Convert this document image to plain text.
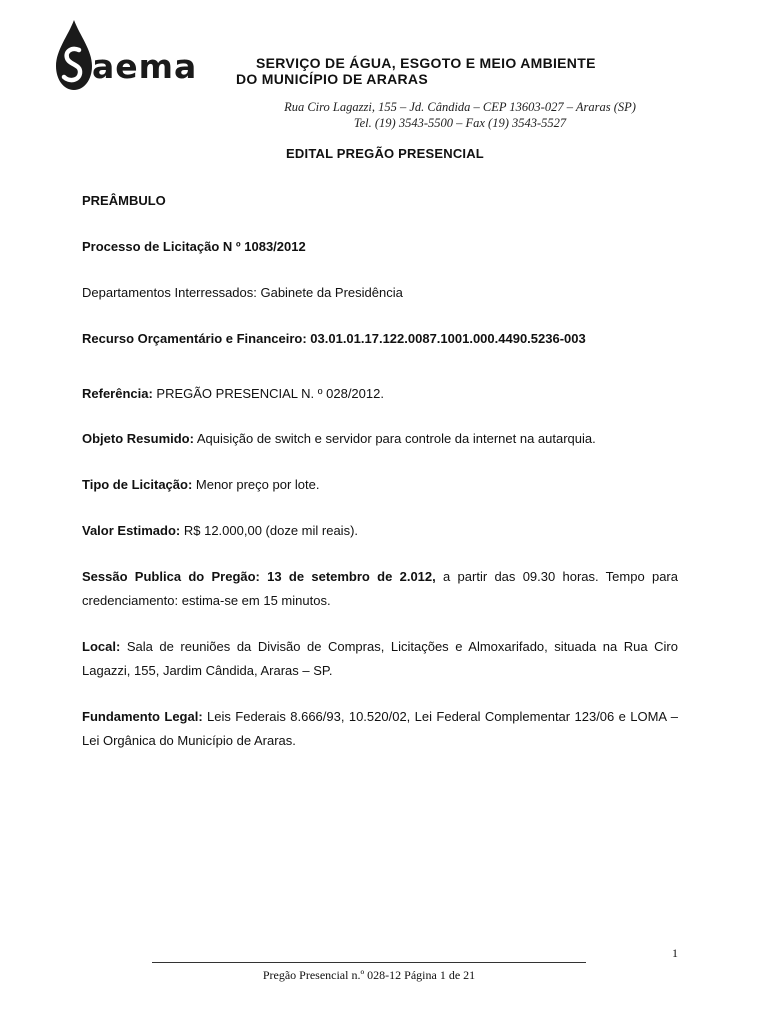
aema	SERVIÇO DE ÁGUA, ESGOTO E MEIO AMBIENTE
DO MUNICÍPIO DE ARARAS
Rua Ciro Lagazzi, 155 – Jd. Cândida – CEP 13603-027 – Araras (SP)
Tel. (19) 3543-5500 – Fax (19) 3543-5527
EDITAL PREGÃO PRESENCIAL
PREÂMBULO
Processo de Licitação N º 1083/2012
Departamentos Interressados: Gabinete da Presidência
Recurso Orçamentário e Financeiro: 03.01.01.17.122.0087.1001.000.4490.5236-003
Referência: PREGÃO PRESENCIAL N. º 028/2012.
Objeto Resumido: Aquisição de switch e servidor para controle da internet na autarquia.
Tipo de Licitação: Menor preço por lote.
Valor Estimado: R$ 12.000,00 (doze mil reais).
Sessão Publica do Pregão: 13 de setembro de 2.012, a partir das 09.30 horas. Tempo para credenciamento: estima-se em 15 minutos.
Local: Sala de reuniões da Divisão de Compras, Licitações e Almoxarifado, situada na Rua Ciro Lagazzi, 155, Jardim Cândida, Araras – SP.
Fundamento Legal: Leis Federais 8.666/93, 10.520/02, Lei Federal Complementar 123/06 e LOMA – Lei Orgânica do Município de Araras.
1
Pregão Presencial n.º 028-12 Página 1 de 21
